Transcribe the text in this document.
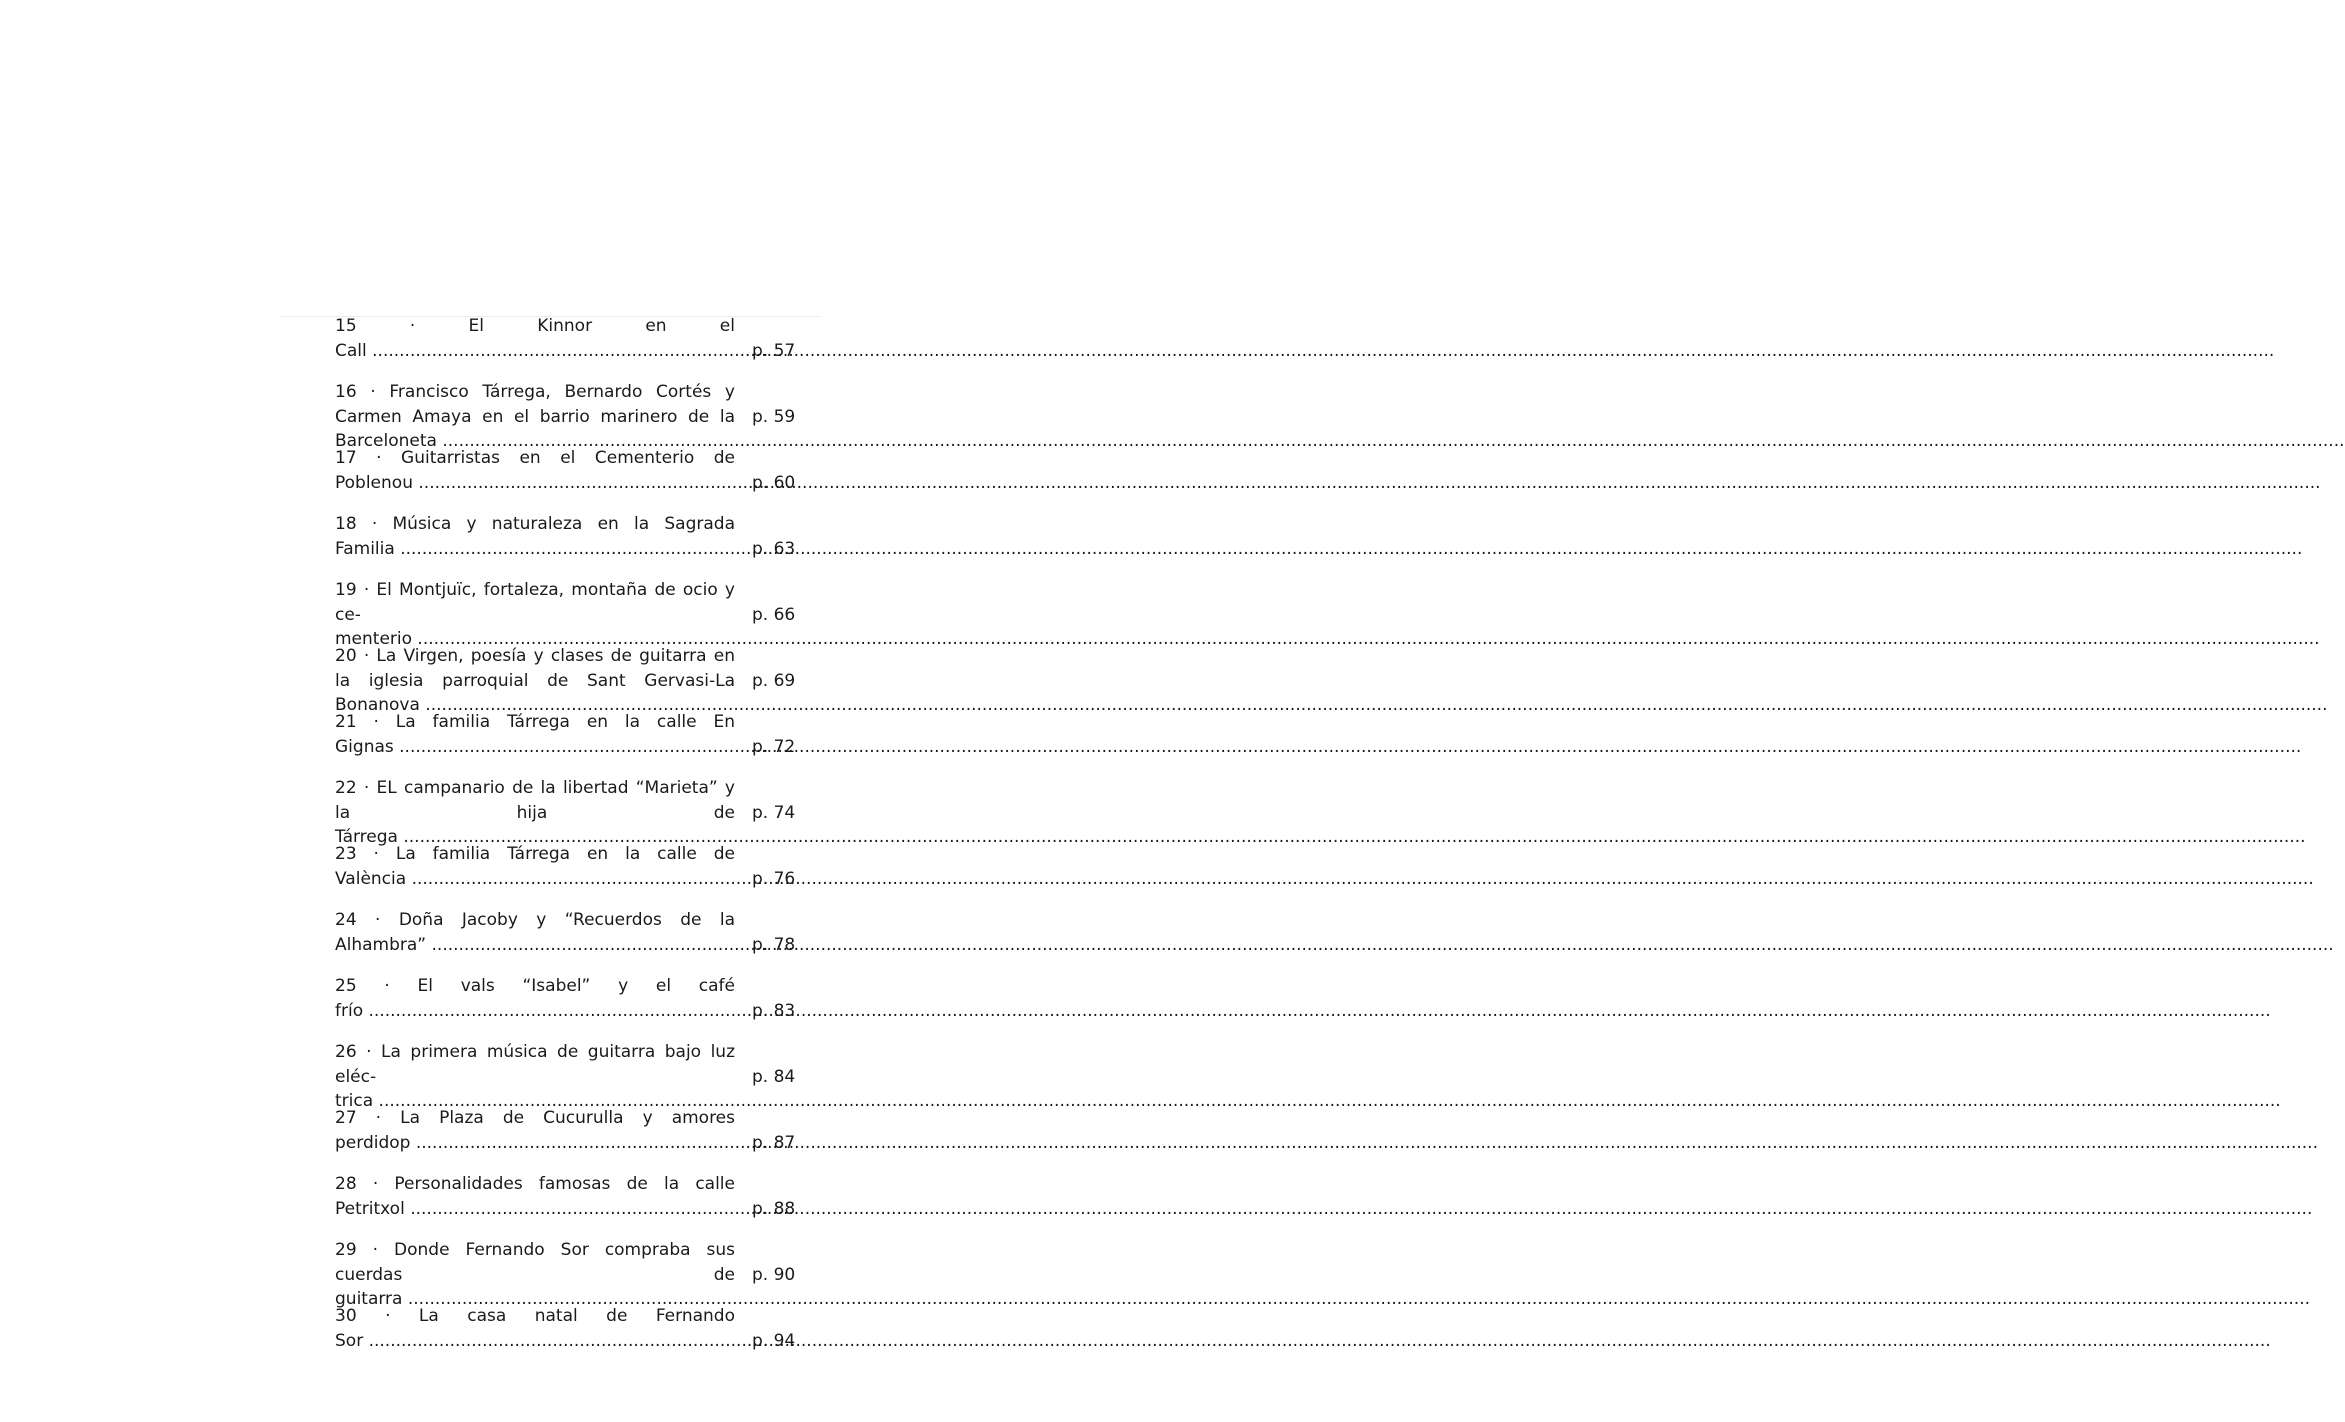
15 · El Kinnor en el Call .....	p. 57
16 · Francisco Tárrega, Bernardo Cortés y Carmen Amaya en el barrio marinero de la Barceloneta .....
p. 59
17 · Guitarristas en el Cementerio de Poblenou .....	p. 60
18 · Música y naturaleza en la Sagrada Familia .....	p. 63
19 · El Montjuïc, fortaleza, montaña de ocio y ce-menterio .....
p. 66
20 · La Virgen, poesía y clases de guitarra en la iglesia parroquial de Sant Gervasi-La Bonanova .....
p. 69
21 · La familia Tárrega en la calle En Gignas .....	p. 72
22 · EL campanario de la libertad “Marieta” y la hija de Tárrega .....
p. 74
23 · La familia Tárrega en la calle de València .....	p. 76
24 · Doña Jacoby y “Recuerdos de la Alhambra” .....	p. 78
25 · El vals “Isabel” y el café frío .....	p. 83
26 · La primera música de guitarra bajo luz eléc-trica .....
p. 84
27 · La Plaza de Cucurulla y amores perdidop .....	p. 87
28 · Personalidades famosas de la calle Petritxol .....	p. 88
29 · Donde Fernando Sor compraba sus cuerdas de guitarra .....
p. 90
30 · La casa natal de Fernando Sor .....	p. 94
